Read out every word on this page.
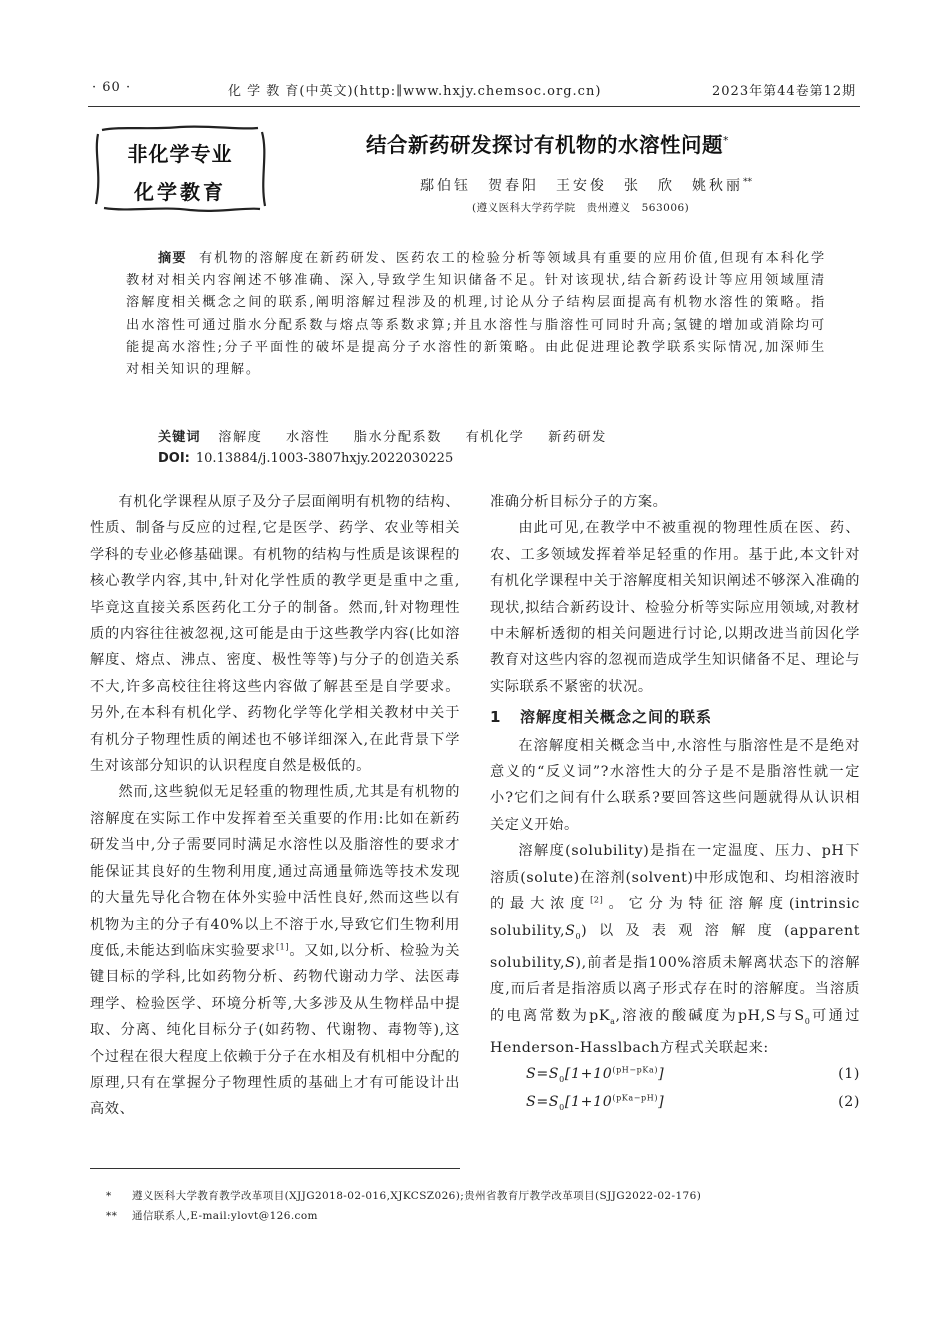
· 60 ·	化 学 教 育(中英文)(http:∥www.hxjy.chemsoc.org.cn)	2023年第44卷第12期
非化学专业
化学教育
结合新药研发探讨有机物的水溶性问题*
鄢伯钰　贺春阳　王安俊　张　欣　姚秋丽**
(遵义医科大学药学院　贵州遵义　563006)
摘要 有机物的溶解度在新药研发、医药农工的检验分析等领域具有重要的应用价值,但现有本科化学教材对相关内容阐述不够准确、深入,导致学生知识储备不足。针对该现状,结合新药设计等应用领域厘清溶解度相关概念之间的联系,阐明溶解过程涉及的机理,讨论从分子结构层面提高有机物水溶性的策略。指出水溶性可通过脂水分配系数与熔点等系数求算;并且水溶性与脂溶性可同时升高;氢键的增加或消除均可能提高水溶性;分子平面性的破坏是提高分子水溶性的新策略。由此促进理论教学联系实际情况,加深师生对相关知识的理解。
关键词 溶解度 水溶性 脂水分配系数 有机化学 新药研发
DOI: 10.13884/j.1003-3807hxjy.2022030225

有机化学课程从原子及分子层面阐明有机物的结构、性质、制备与反应的过程,它是医学、药学、农业等相关学科的专业必修基础课。有机物的结构与性质是该课程的核心教学内容,其中,针对化学性质的教学更是重中之重,毕竟这直接关系医药化工分子的制备。然而,针对物理性质的内容往往被忽视,这可能是由于这些教学内容(比如溶解度、熔点、沸点、密度、极性等等)与分子的创造关系不大,许多高校往往将这些内容做了解甚至是自学要求。另外,在本科有机化学、药物化学等化学相关教材中关于有机分子物理性质的阐述也不够详细深入,在此背景下学生对该部分知识的认识程度自然是极低的。

然而,这些貌似无足轻重的物理性质,尤其是有机物的溶解度在实际工作中发挥着至关重要的作用:比如在新药研发当中,分子需要同时满足水溶性以及脂溶性的要求才能保证其良好的生物利用度,通过高通量筛选等技术发现的大量先导化合物在体外实验中活性良好,然而这些以有机物为主的分子有40%以上不溶于水,导致它们生物利用度低,未能达到临床实验要求[1]。又如,以分析、检验为关键目标的学科,比如药物分析、药物代谢动力学、法医毒理学、检验医学、环境分析等,大多涉及从生物样品中提取、分离、纯化目标分子(如药物、代谢物、毒物等),这个过程在很大程度上依赖于分子在水相及有机相中分配的原理,只有在掌握分子物理性质的基础上才有可能设计出高效、

准确分析目标分子的方案。

由此可见,在教学中不被重视的物理性质在医、药、农、工多领域发挥着举足轻重的作用。基于此,本文针对有机化学课程中关于溶解度相关知识阐述不够深入准确的现状,拟结合新药设计、检验分析等实际应用领域,对教材中未解析透彻的相关问题进行讨论,以期改进当前因化学教育对这些内容的忽视而造成学生知识储备不足、理论与实际联系不紧密的状况。

1 溶解度相关概念之间的联系

在溶解度相关概念当中,水溶性与脂溶性是不是绝对意义的“反义词”?水溶性大的分子是不是脂溶性就一定小?它们之间有什么联系?要回答这些问题就得从认识相关定义开始。

溶解度(solubility)是指在一定温度、压力、pH下溶质(solute)在溶剂(solvent)中形成饱和、均相溶液时的最大浓度[2]。它分为特征溶解度(intrinsic $solubility,S_0$)以及表观溶解度(apparent solubility,S),前者是指100%溶质未解离状态下的溶解度,而后者是指溶质以离子形式存在时的溶解度。当溶质的电离常数为$pK_a$,溶液的酸碱度为pH,S与$S_0$可通过Henderson-Hasslbach方程式关联起来:

$S=S_0[1+10^{(pH-pKa)}]$	(1)
$S=S_0[1+10^{(pKa-pH)}]$	(2)
* 遵义医科大学教育教学改革项目(XJJG2018-02-016,XJKCSZ026);贵州省教育厅教学改革项目(SJJG2022-02-176)
** 通信联系人,E-mail:ylovt@126.com
